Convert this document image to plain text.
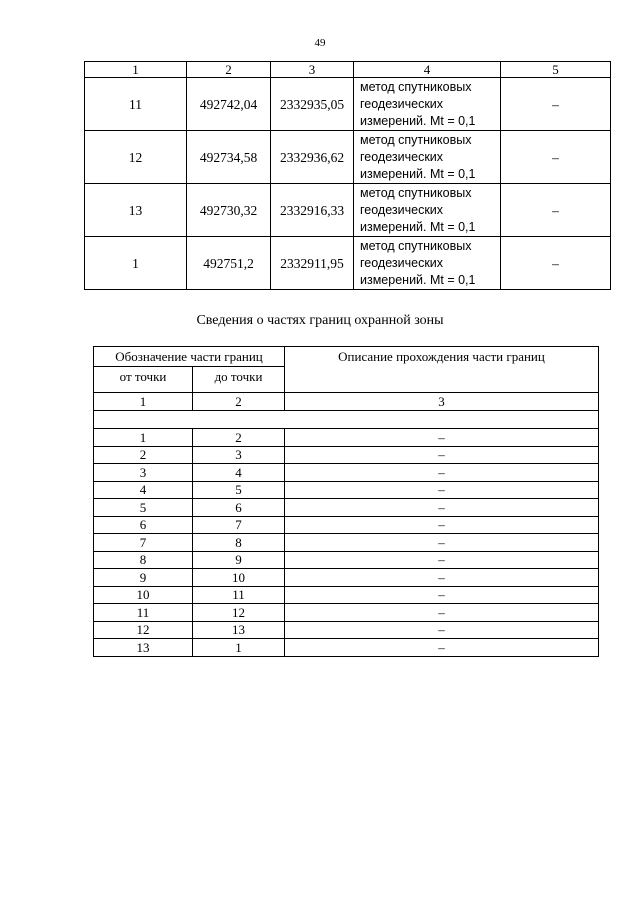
49
1	2	3	4	5
11	492742,04	2332935,05	метод спутниковых
геодезических
измерений. Mt = 0,1	–
12	492734,58	2332936,62	метод спутниковых
геодезических
измерений. Mt = 0,1	–
13	492730,32	2332916,33	метод спутниковых
геодезических
измерений. Mt = 0,1	–
1	492751,2	2332911,95	метод спутниковых
геодезических
измерений. Mt = 0,1	–
Сведения о частях границ охранной зоны
Обозначение части границ		Описание прохождения части границ
от точки	до точки	
1	2	3

1	2	–
2	3	–
3	4	–
4	5	–
5	6	–
6	7	–
7	8	–
8	9	–
9	10	–
10	11	–
11	12	–
12	13	–
13	1	–
